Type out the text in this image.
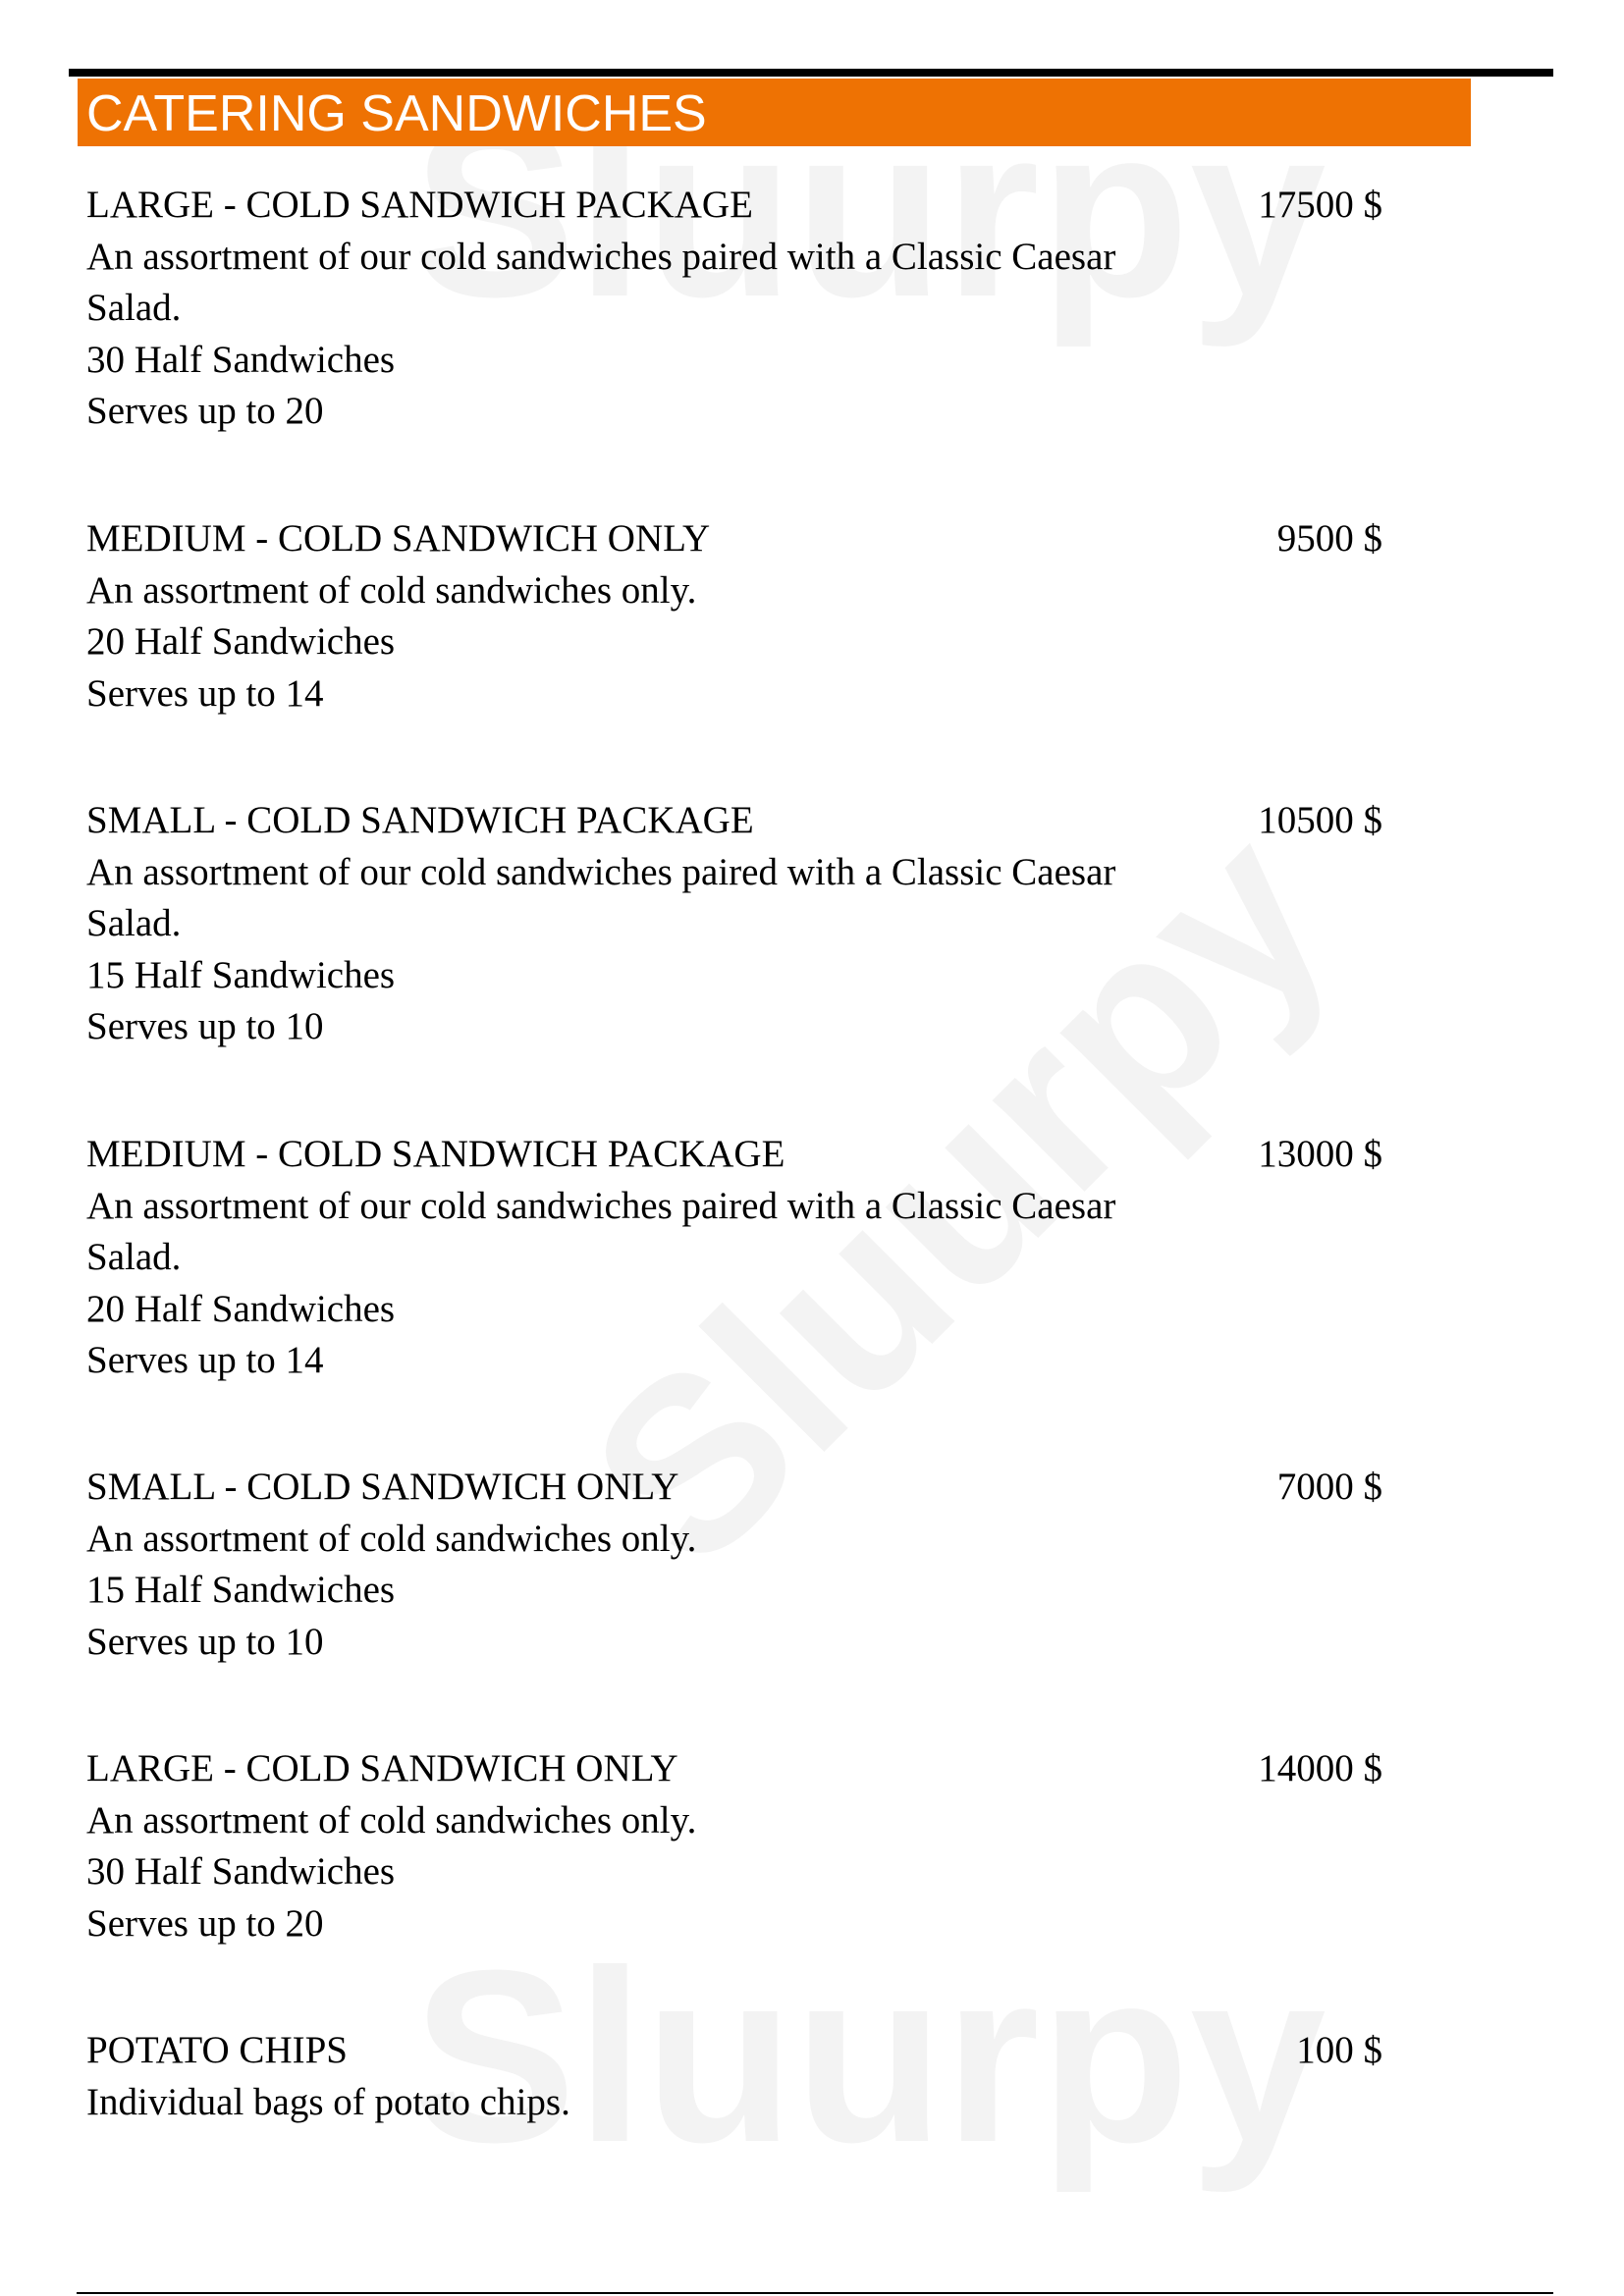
CATERING SANDWICHES
LARGE - COLD SANDWICH PACKAGE	17500 $
An assortment of our cold sandwiches paired with a Classic Caesar
Salad.
30 Half Sandwiches
Serves up to 20
MEDIUM - COLD SANDWICH ONLY	9500 $
An assortment of cold sandwiches only.
20 Half Sandwiches
Serves up to 14
SMALL - COLD SANDWICH PACKAGE	10500 $
An assortment of our cold sandwiches paired with a Classic Caesar
Salad.
15 Half Sandwiches
Serves up to 10
MEDIUM - COLD SANDWICH PACKAGE	13000 $
An assortment of our cold sandwiches paired with a Classic Caesar
Salad.
20 Half Sandwiches
Serves up to 14
SMALL - COLD SANDWICH ONLY	7000 $
An assortment of cold sandwiches only.
15 Half Sandwiches
Serves up to 10
LARGE - COLD SANDWICH ONLY	14000 $
An assortment of cold sandwiches only.
30 Half Sandwiches
Serves up to 20
POTATO CHIPS	100 $
Individual bags of potato chips.
